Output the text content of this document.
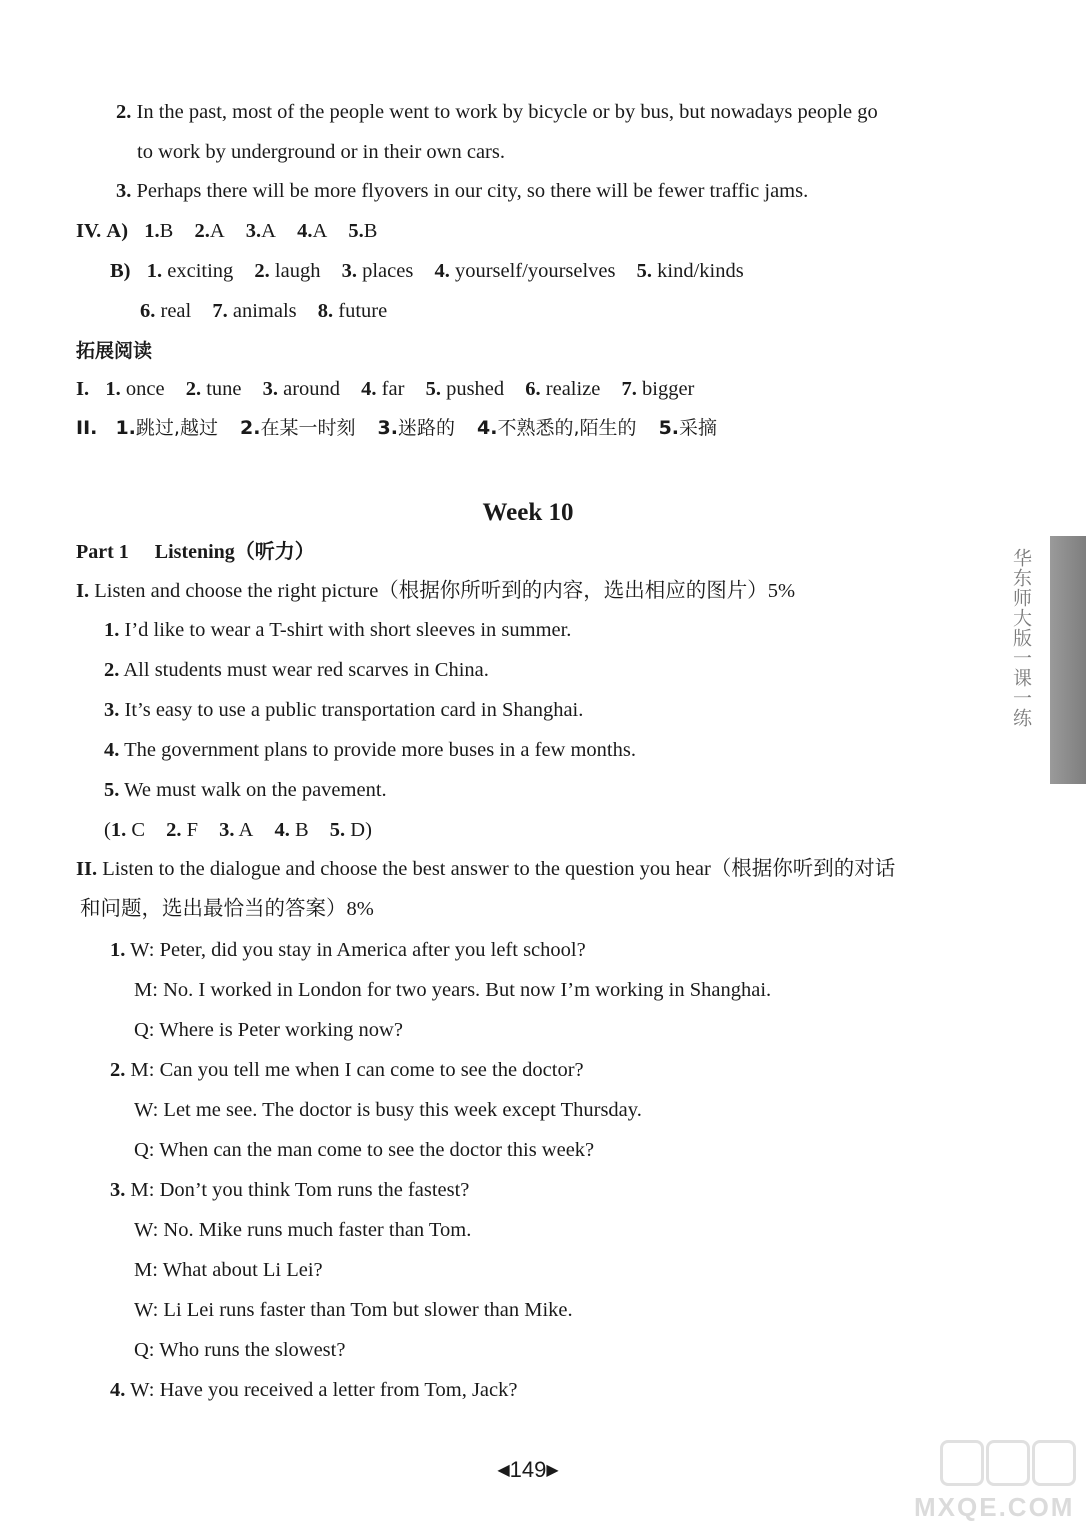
2. In the past, most of the people went to work by bicycle or by bus, but nowadays people go
to work by underground or in their own cars.
3. Perhaps there will be more flyovers in our city, so there will be fewer traffic jams.
IV. A) 1.B 2.A 3.A 4.A 5.B
B) 1. exciting 2. laugh 3. places 4. yourself/yourselves 5. kind/kinds
6. real 7. animals 8. future
拓展阅读
I. 1. once 2. tune 3. around 4. far 5. pushed 6. realize 7. bigger
II. 1.跳过,越过 2.在某一时刻 3.迷路的 4.不熟悉的,陌生的 5.采摘
Week 10
Part 1 Listening（听力）
I. Listen and choose the right picture（根据你所听到的内容，选出相应的图片）5%
1. I’d like to wear a T-shirt with short sleeves in summer.
2. All students must wear red scarves in China.
3. It’s easy to use a public transportation card in Shanghai.
4. The government plans to provide more buses in a few months.
5. We must walk on the pavement.
(1. C 2. F 3. A 4. B 5. D)
II. Listen to the dialogue and choose the best answer to the question you hear（根据你听到的对话
和问题，选出最恰当的答案）8%
1. W: Peter, did you stay in America after you left school?
M: No. I worked in London for two years. But now I’m working in Shanghai.
Q: Where is Peter working now?
2. M: Can you tell me when I can come to see the doctor?
W: Let me see. The doctor is busy this week except Thursday.
Q: When can the man come to see the doctor this week?
3. M: Don’t you think Tom runs the fastest?
W: No. Mike runs much faster than Tom.
M: What about Li Lei?
W: Li Lei runs faster than Tom but slower than Mike.
Q: Who runs the slowest?
4. W: Have you received a letter from Tom, Jack?
◀149▶
华东师大版一课一练
MXQE.COM
